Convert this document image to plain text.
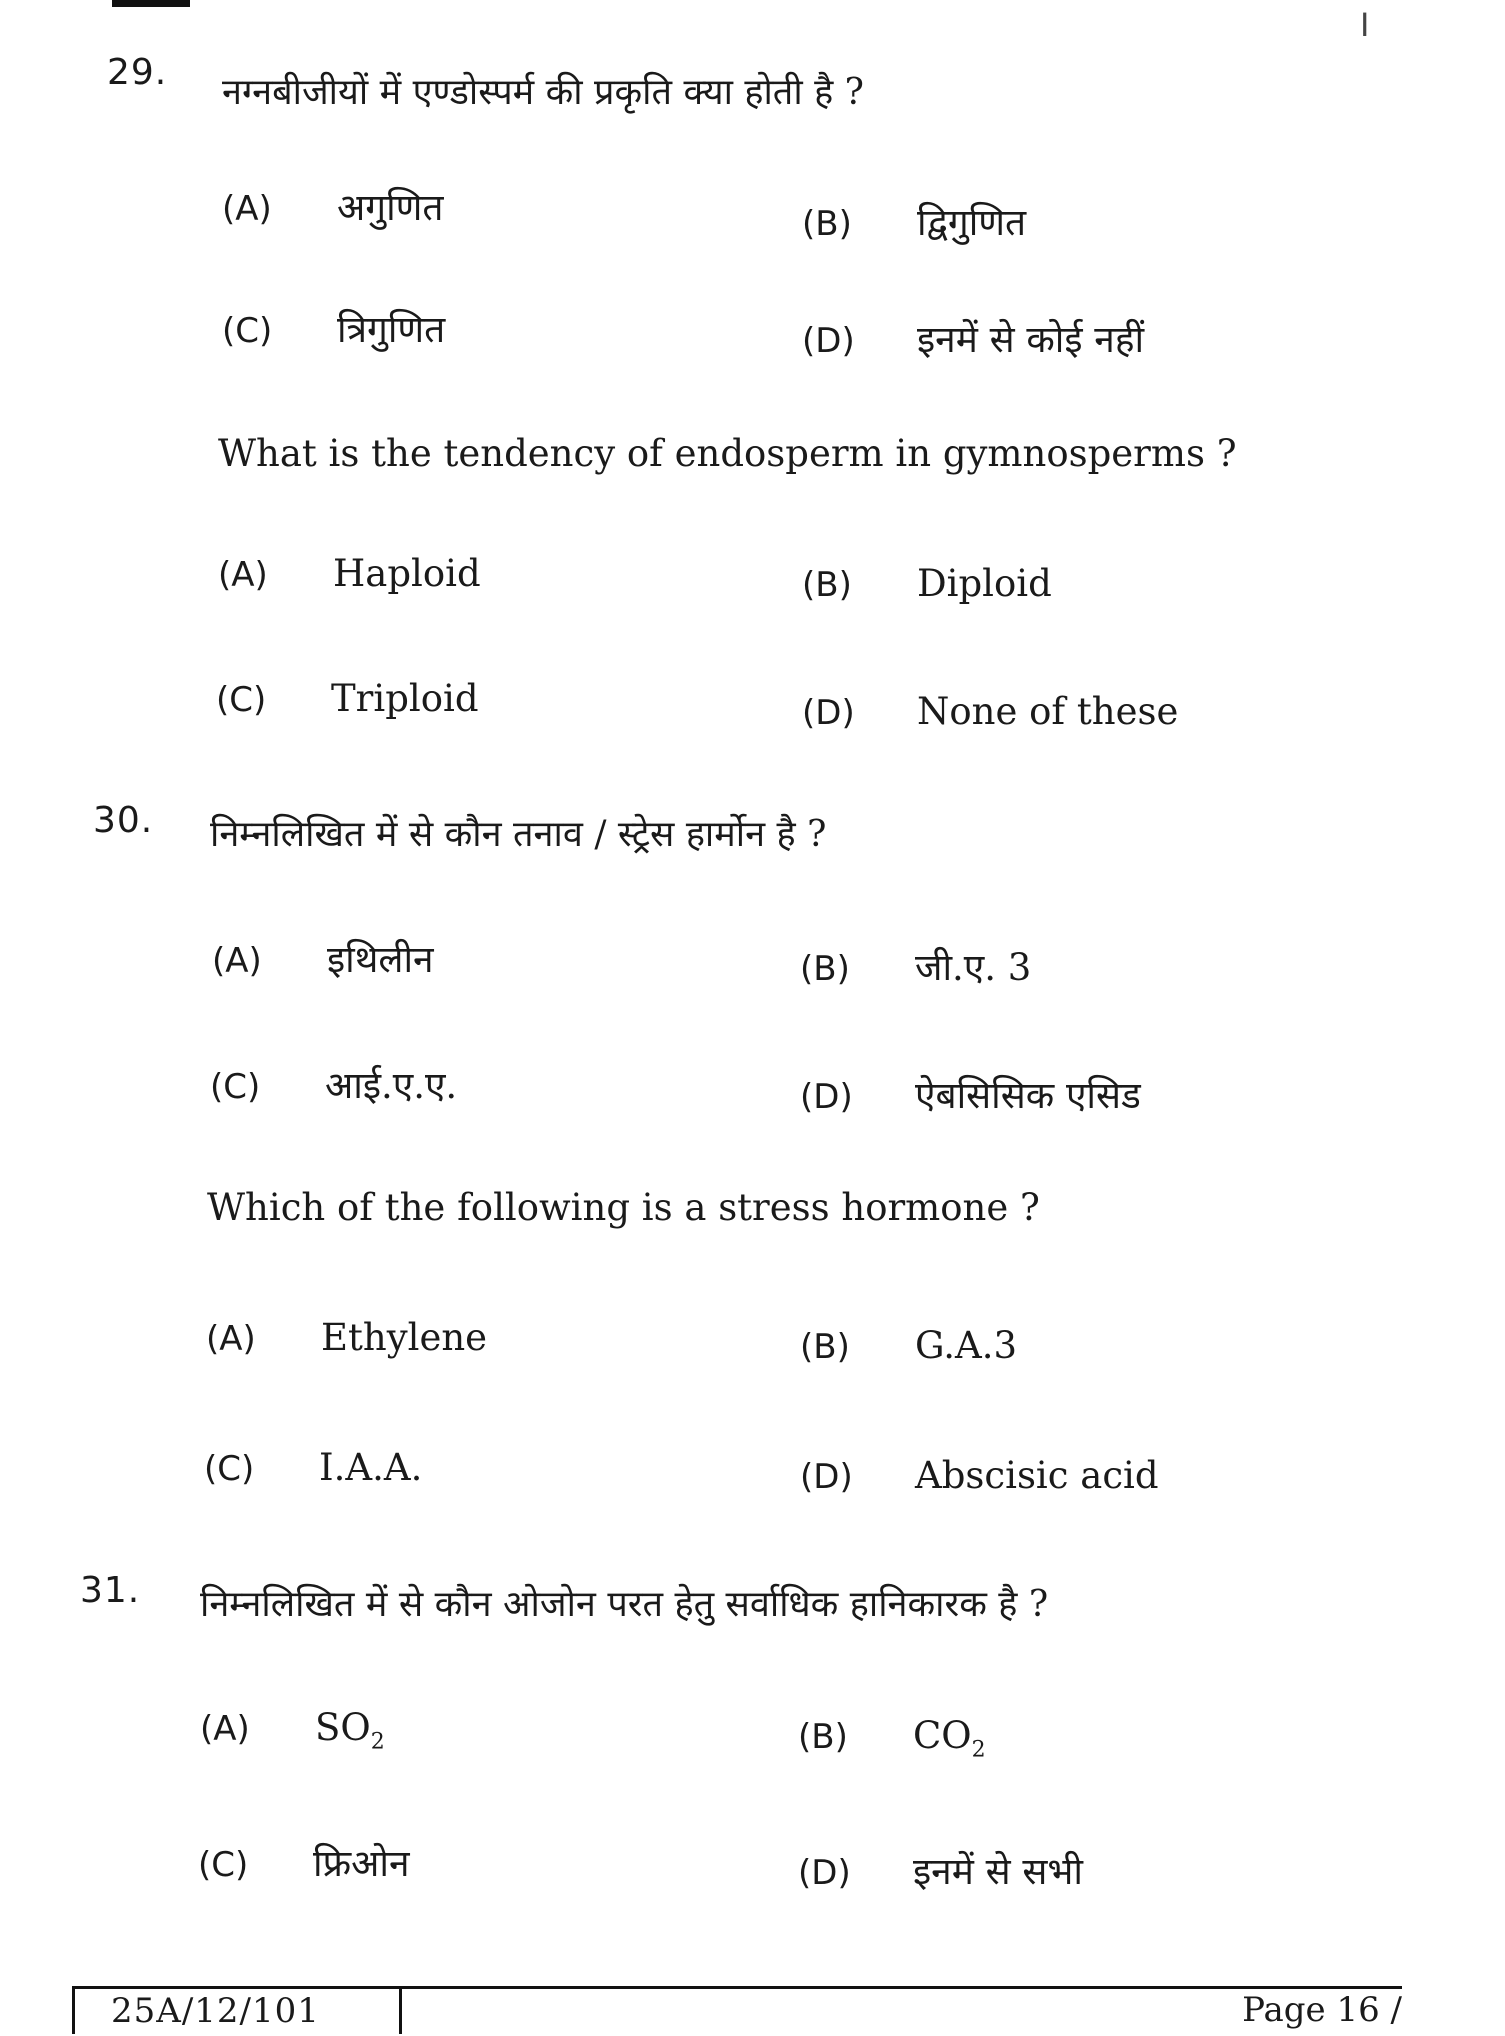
I
29. नग्नबीजीयों में एण्डोस्पर्म की प्रकृति क्या होती है ?
(A)	अगुणित	(B)	द्विगुणित
(C)	त्रिगुणित	(D)	इनमें से कोई नहीं
What is the tendency of endosperm in gymnosperms ?
(A)	Haploid	(B)	Diploid
(C)	Triploid	(D)	None of these
30. निम्नलिखित में से कौन तनाव / स्ट्रेस हार्मोन है ?
(A)	इथिलीन	(B)	जी.ए. 3
(C)	आई.ए.ए.	(D)	ऐबसिसिक एसिड
Which of the following is a stress hormone ?
(A)	Ethylene	(B)	G.A.3
(C)	I.A.A.	(D)	Abscisic acid
31. निम्नलिखित में से कौन ओजोन परत हेतु सर्वाधिक हानिकारक है ?
(A)	$SO_2$	(B)	$CO_2$
(C)	फ्रिओन	(D)	इनमें से सभी
25A/12/101	Page 16 /
